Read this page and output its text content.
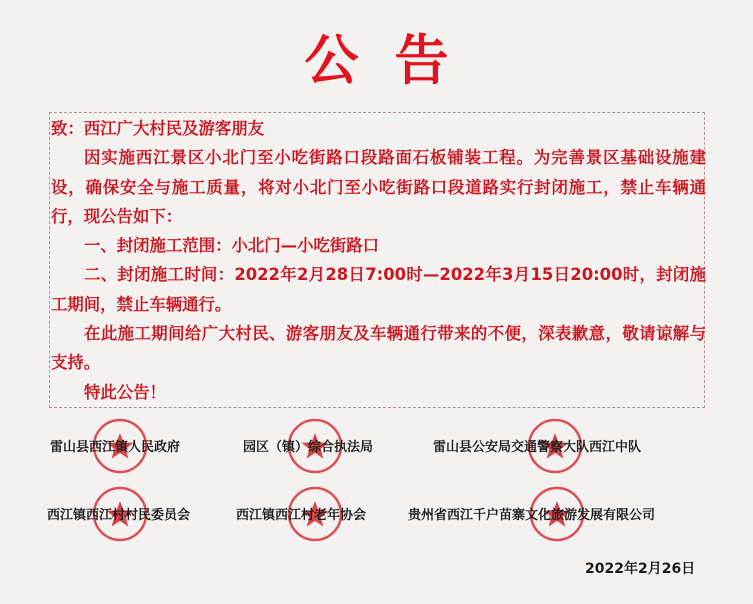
公告
致：西江广大村民及游客朋友
因实施西江景区小北门至小吃街路口段路面石板铺装工程。为完善景区基础设施建设，确保安全与施工质量，将对小北门至小吃街路口段道路实行封闭施工，禁止车辆通行，现公告如下：
一、封闭施工范围：小北门—小吃街路口
二、封闭施工时间：2022年2月28日7:00时—2022年3月15日20:00时，封闭施工期间，禁止车辆通行。
在此施工期间给广大村民、游客朋友及车辆通行带来的不便，深表歉意，敬请谅解与支持。
特此公告！
雷山县西江镇人民政府	园区（镇）综合执法局	雷山县公安局交通警察大队西江中队
西江镇西江村村民委员会	西江镇西江村老年协会	贵州省西江千户苗寨文化旅游发展有限公司
2022年2月26日
